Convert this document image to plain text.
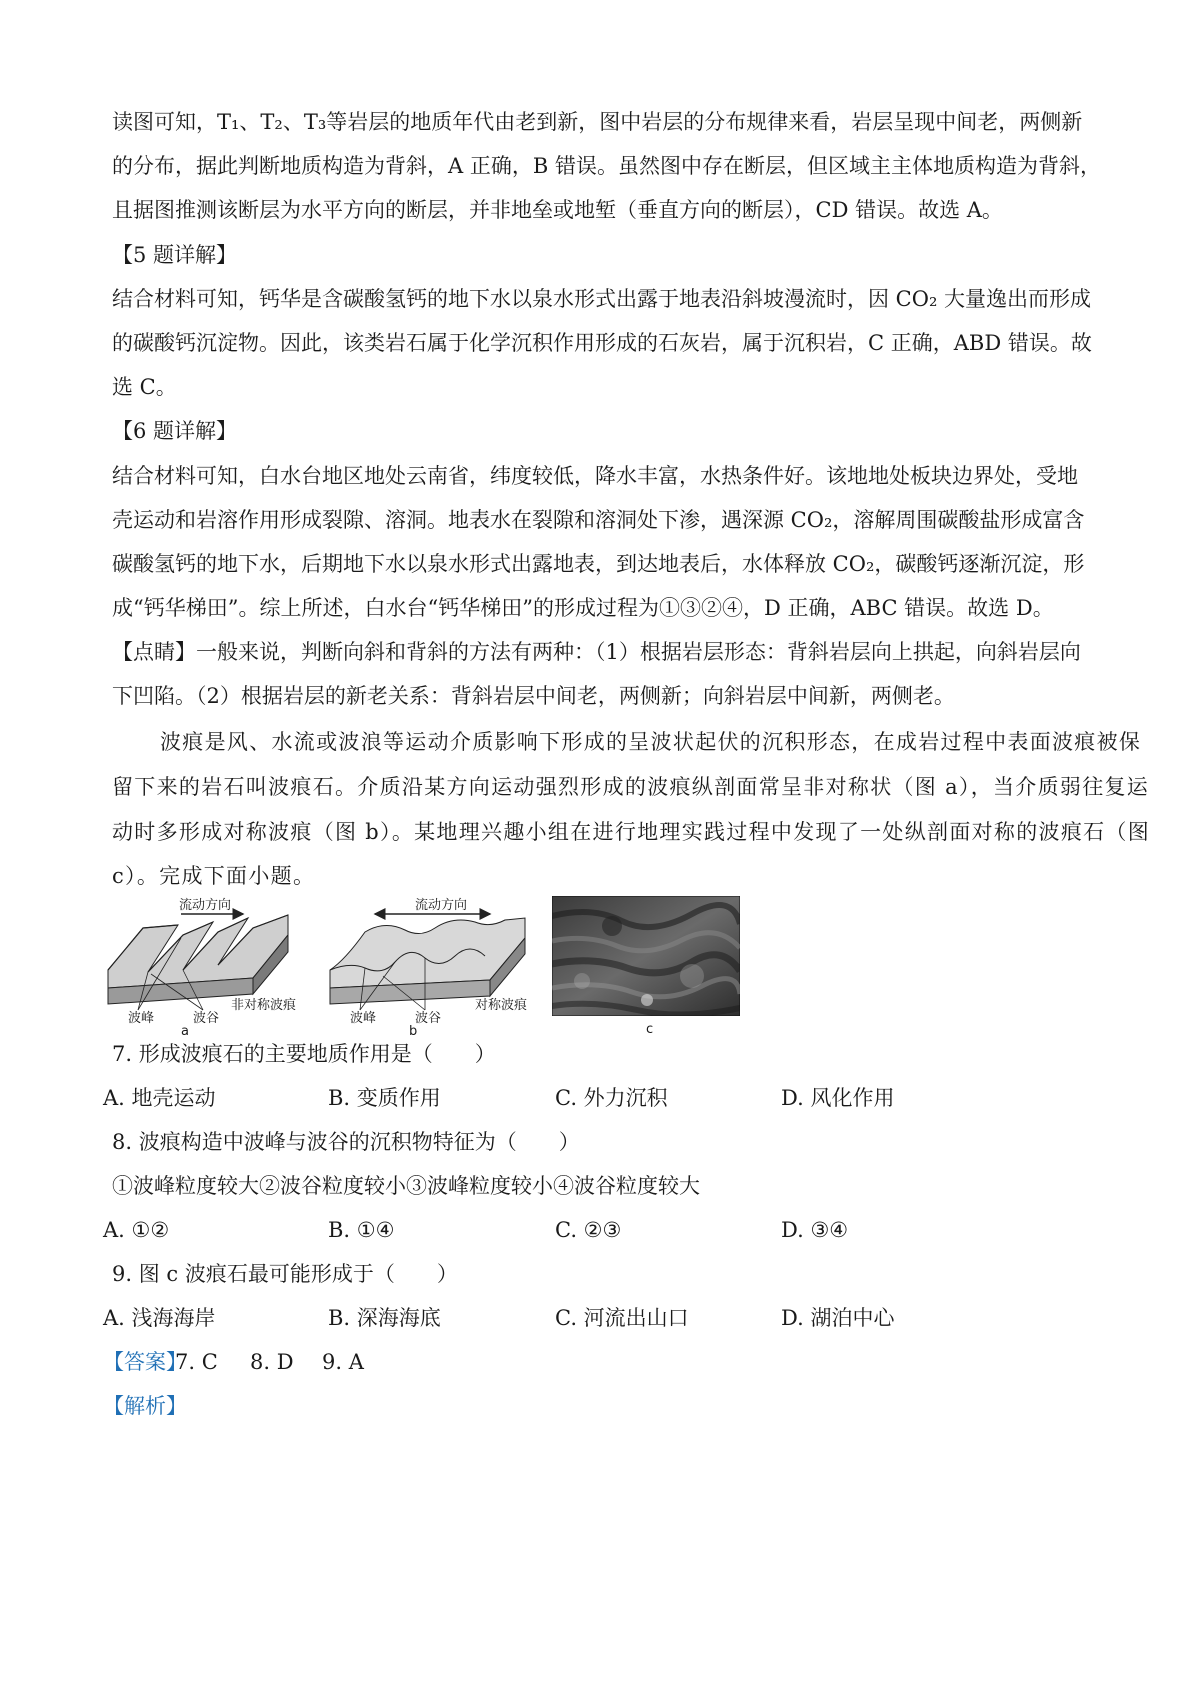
读图可知，T₁、T₂、T₃等岩层的地质年代由老到新，图中岩层的分布规律来看，岩层呈现中间老，两侧新
的分布，据此判断地质构造为背斜，A 正确，B 错误。虽然图中存在断层，但区域主主体地质构造为背斜，
且据图推测该断层为水平方向的断层，并非地垒或地堑（垂直方向的断层），CD 错误。故选 A。
【5 题详解】
结合材料可知，钙华是含碳酸氢钙的地下水以泉水形式出露于地表沿斜坡漫流时，因 CO₂ 大量逸出而形成
的碳酸钙沉淀物。因此，该类岩石属于化学沉积作用形成的石灰岩，属于沉积岩，C 正确，ABD 错误。故
选 C。
【6 题详解】
结合材料可知，白水台地区地处云南省，纬度较低，降水丰富，水热条件好。该地地处板块边界处，受地
壳运动和岩溶作用形成裂隙、溶洞。地表水在裂隙和溶洞处下渗，遇深源 CO₂，溶解周围碳酸盐形成富含
碳酸氢钙的地下水，后期地下水以泉水形式出露地表，到达地表后，水体释放 CO₂，碳酸钙逐渐沉淀，形
成“钙华梯田”。综上所述，白水台“钙华梯田”的形成过程为①③②④，D 正确，ABC 错误。故选 D。
【点睛】一般来说，判断向斜和背斜的方法有两种：（1）根据岩层形态：背斜岩层向上拱起，向斜岩层向
下凹陷。（2）根据岩层的新老关系：背斜岩层中间老，两侧新；向斜岩层中间新，两侧老。
波痕是风、水流或波浪等运动介质影响下形成的呈波状起伏的沉积形态，在成岩过程中表面波痕被保
留下来的岩石叫波痕石。介质沿某方向运动强烈形成的波痕纵剖面常呈非对称状（图 a），当介质弱往复运
动时多形成对称波痕（图 b）。某地理兴趣小组在进行地理实践过程中发现了一处纵剖面对称的波痕石（图
c）。完成下面小题。
流动方向
波峰	波谷
非对称波痕
a
流动方向
波峰	波谷
对称波痕
b	c
7. 形成波痕石的主要地质作用是（　　）
A. 地壳运动	B. 变质作用	C. 外力沉积	D. 风化作用
8. 波痕构造中波峰与波谷的沉积物特征为（　　）
①波峰粒度较大②波谷粒度较小③波峰粒度较小④波谷粒度较大
A. ①②	B. ①④	C. ②③	D. ③④
9. 图 c 波痕石最可能形成于（　　）
A. 浅海海岸	B. 深海海底	C. 河流出山口	D. 湖泊中心
【答案】
7. C 8. D 9. A
【解析】
